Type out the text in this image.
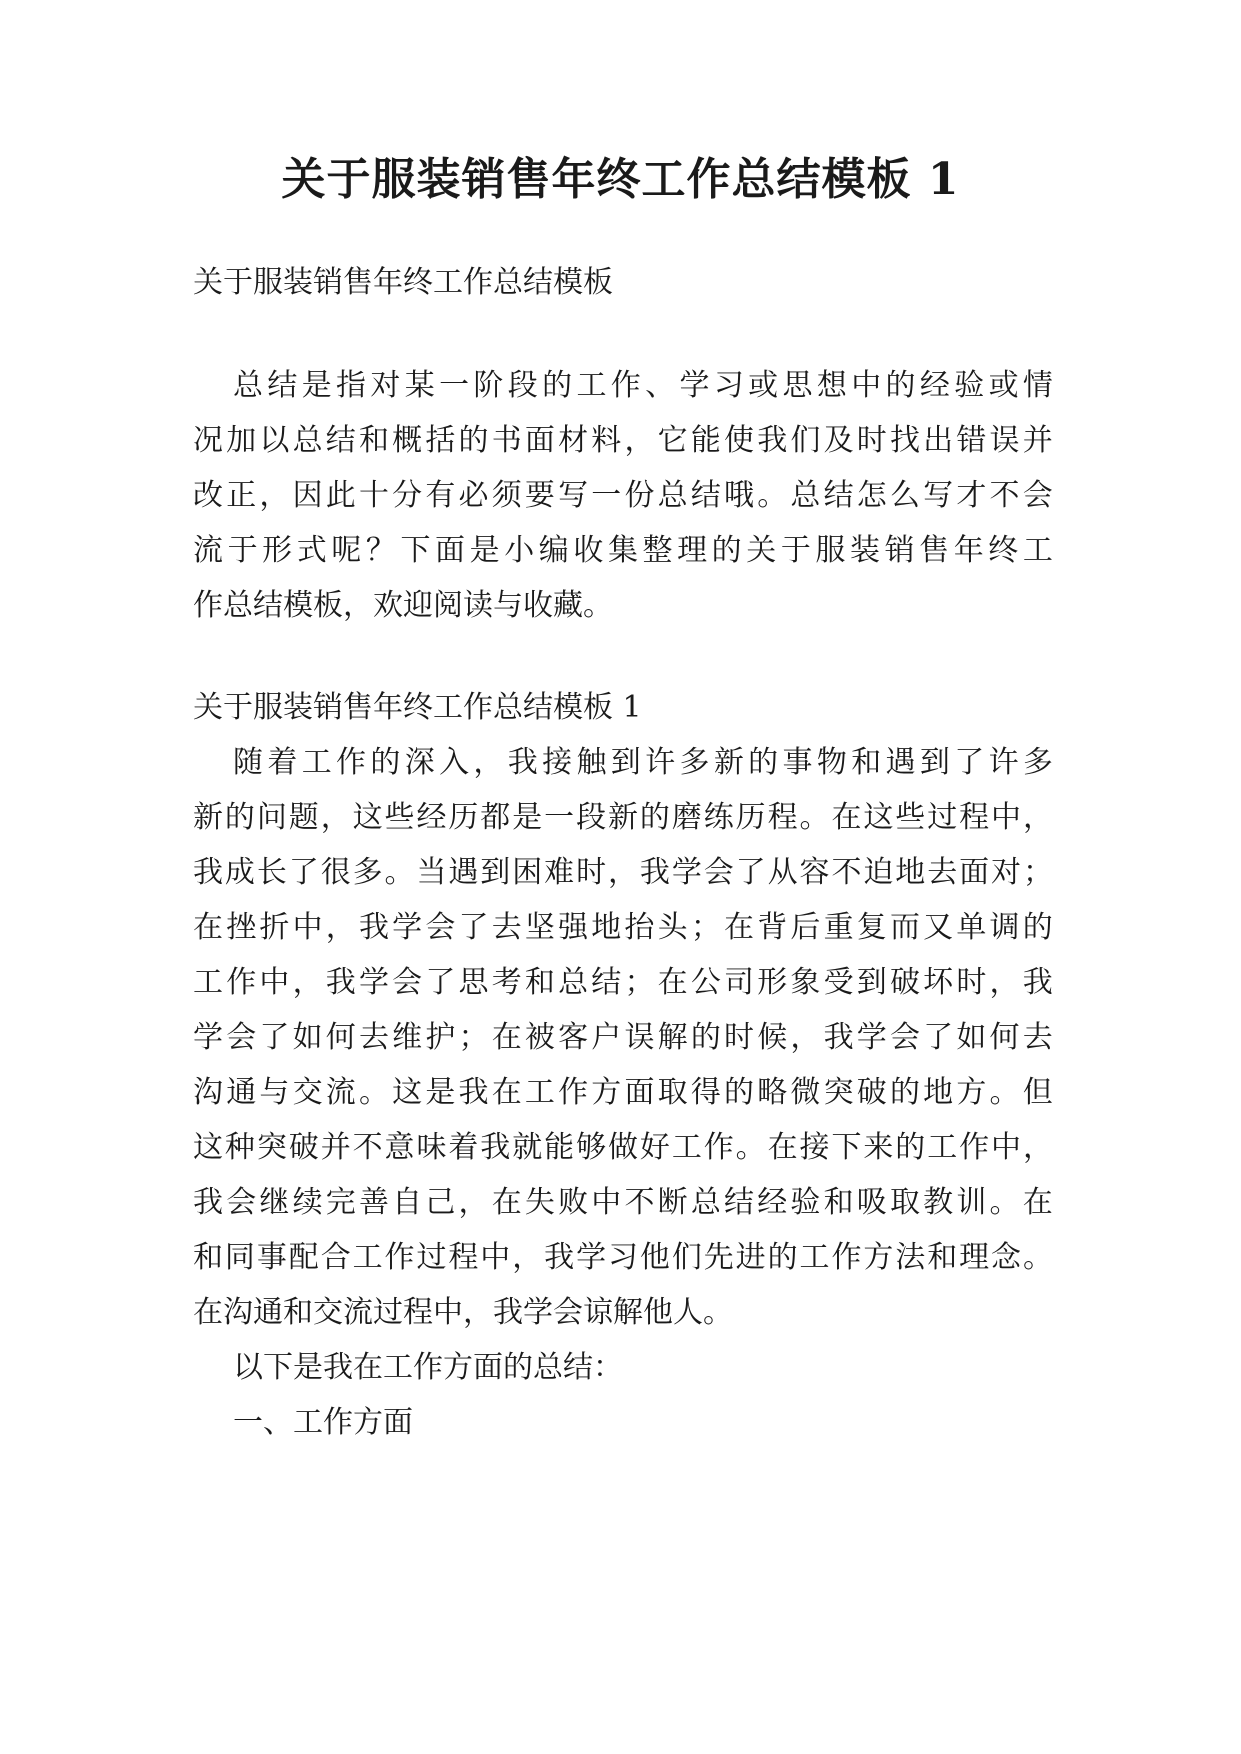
关于服装销售年终工作总结模板 1
关于服装销售年终工作总结模板
总 结 是 指 对 某 一 阶 段 的 工 作 、 学 习 或 思 想 中 的 经 验 或 情
况 加 以 总 结 和 概 括 的 书 面 材 料 ， 它 能 使 我 们 及 时 找 出 错 误 并
改 正 ， 因 此 十 分 有 必 须 要 写 一 份 总 结 哦 。 总 结 怎 么 写 才 不 会
流 于 形 式 呢 ？ 下 面 是 小 编 收 集 整 理 的 关 于 服 装 销 售 年 终 工
作总结模板，欢迎阅读与收藏。
关于服装销售年终工作总结模板 1
随 着 工 作 的 深 入 ， 我 接 触 到 许 多 新 的 事 物 和 遇 到 了 许 多
新 的 问 题 ， 这 些 经 历 都 是 一 段 新 的 磨 练 历 程 。 在 这 些 过 程 中 ，
我 成 长 了 很 多 。 当 遇 到 困 难 时 ， 我 学 会 了 从 容 不 迫 地 去 面 对 ；
在 挫 折 中 ， 我 学 会 了 去 坚 强 地 抬 头 ； 在 背 后 重 复 而 又 单 调 的
工 作 中 ， 我 学 会 了 思 考 和 总 结 ； 在 公 司 形 象 受 到 破 坏 时 ， 我
学 会 了 如 何 去 维 护 ； 在 被 客 户 误 解 的 时 候 ， 我 学 会 了 如 何 去
沟 通 与 交 流 。 这 是 我 在 工 作 方 面 取 得 的 略 微 突 破 的 地 方 。 但
这 种 突 破 并 不 意 味 着 我 就 能 够 做 好 工 作 。 在 接 下 来 的 工 作 中 ，
我 会 继 续 完 善 自 己 ， 在 失 败 中 不 断 总 结 经 验 和 吸 取 教 训 。 在
和 同 事 配 合 工 作 过 程 中 ， 我 学 习 他 们 先 进 的 工 作 方 法 和 理 念 。
在沟通和交流过程中，我学会谅解他人。
以下是我在工作方面的总结：
一、工作方面
